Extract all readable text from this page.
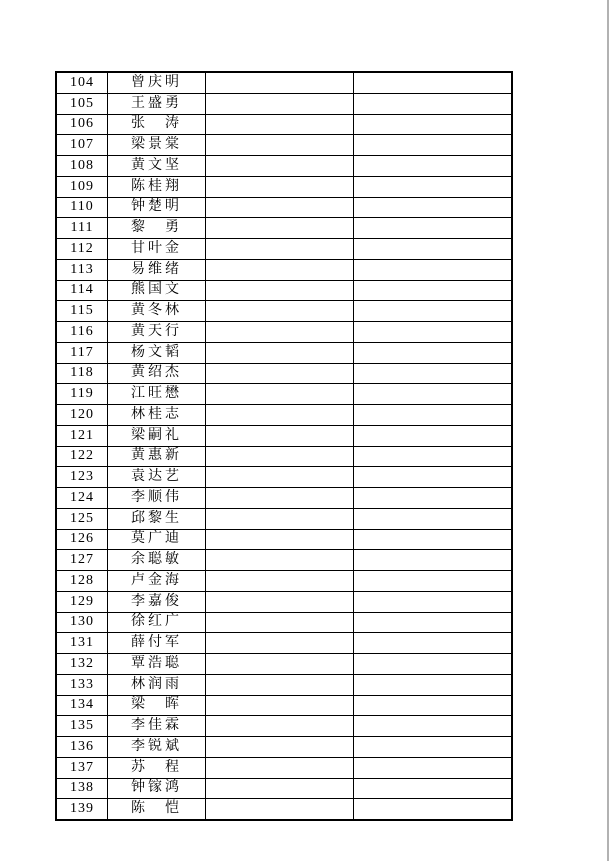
104	曾庆明		
105	王盛勇		
106	张　涛		
107	梁景棠		
108	黄文坚		
109	陈桂翔		
110	钟楚明		
111	黎　勇		
112	甘叶金		
113	易维绪		
114	熊国文		
115	黄冬林		
116	黄天行		
117	杨文韬		
118	黄绍杰		
119	江旺懋		
120	林桂志		
121	梁嗣礼		
122	黄惠新		
123	袁达艺		
124	李顺伟		
125	邱黎生		
126	莫广迪		
127	余聪敏		
128	卢金海		
129	李嘉俊		
130	徐红广		
131	薛付军		
132	覃浩聪		
133	林润雨		
134	梁　晖		
135	李佳霖		
136	李锐斌		
137	苏　程		
138	钟镓鸿		
139	陈　恺		
